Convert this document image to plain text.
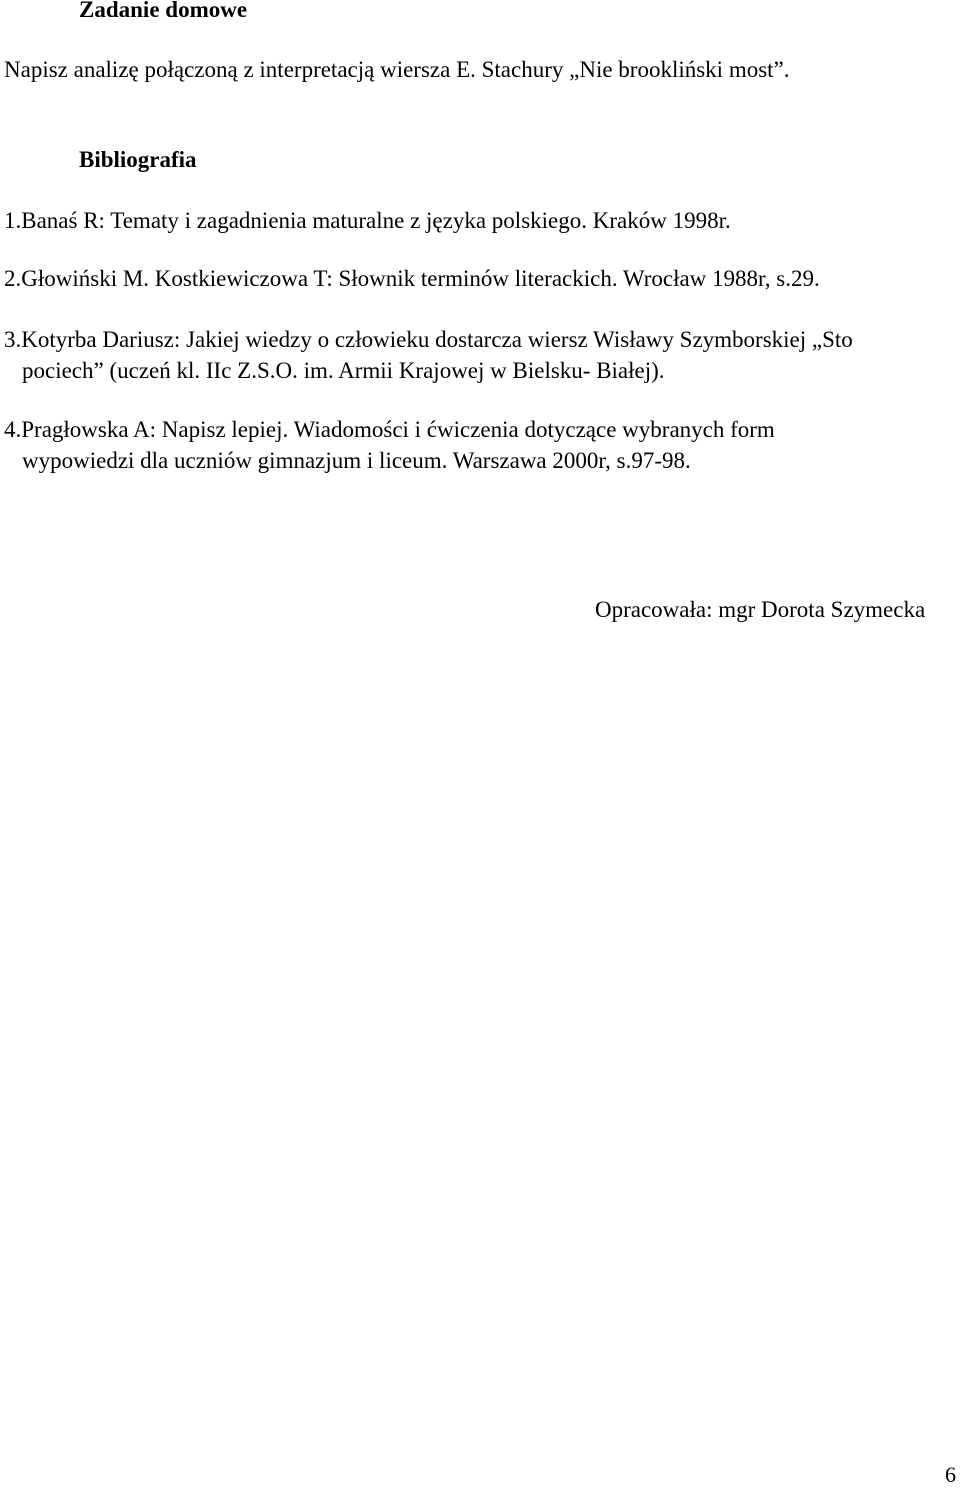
Zadanie domowe

Napisz analizę połączoną z interpretacją wiersza E. Stachury „Nie brookliński most”.

Bibliografia

1.Banaś R: Tematy i zagadnienia maturalne z języka polskiego. Kraków 1998r.

2.Głowiński M. Kostkiewiczowa T: Słownik terminów literackich. Wrocław 1988r, s.29.

3.Kotyrba Dariusz: Jakiej wiedzy o człowieku dostarcza wiersz Wisławy Szymborskiej „Sto

pociech” (uczeń kl. IIc Z.S.O. im. Armii Krajowej w Bielsku- Białej).

4.Pragłowska A: Napisz lepiej. Wiadomości i ćwiczenia dotyczące wybranych form

wypowiedzi dla uczniów gimnazjum i liceum. Warszawa 2000r, s.97-98.

Opracowała: mgr Dorota Szymecka

6
